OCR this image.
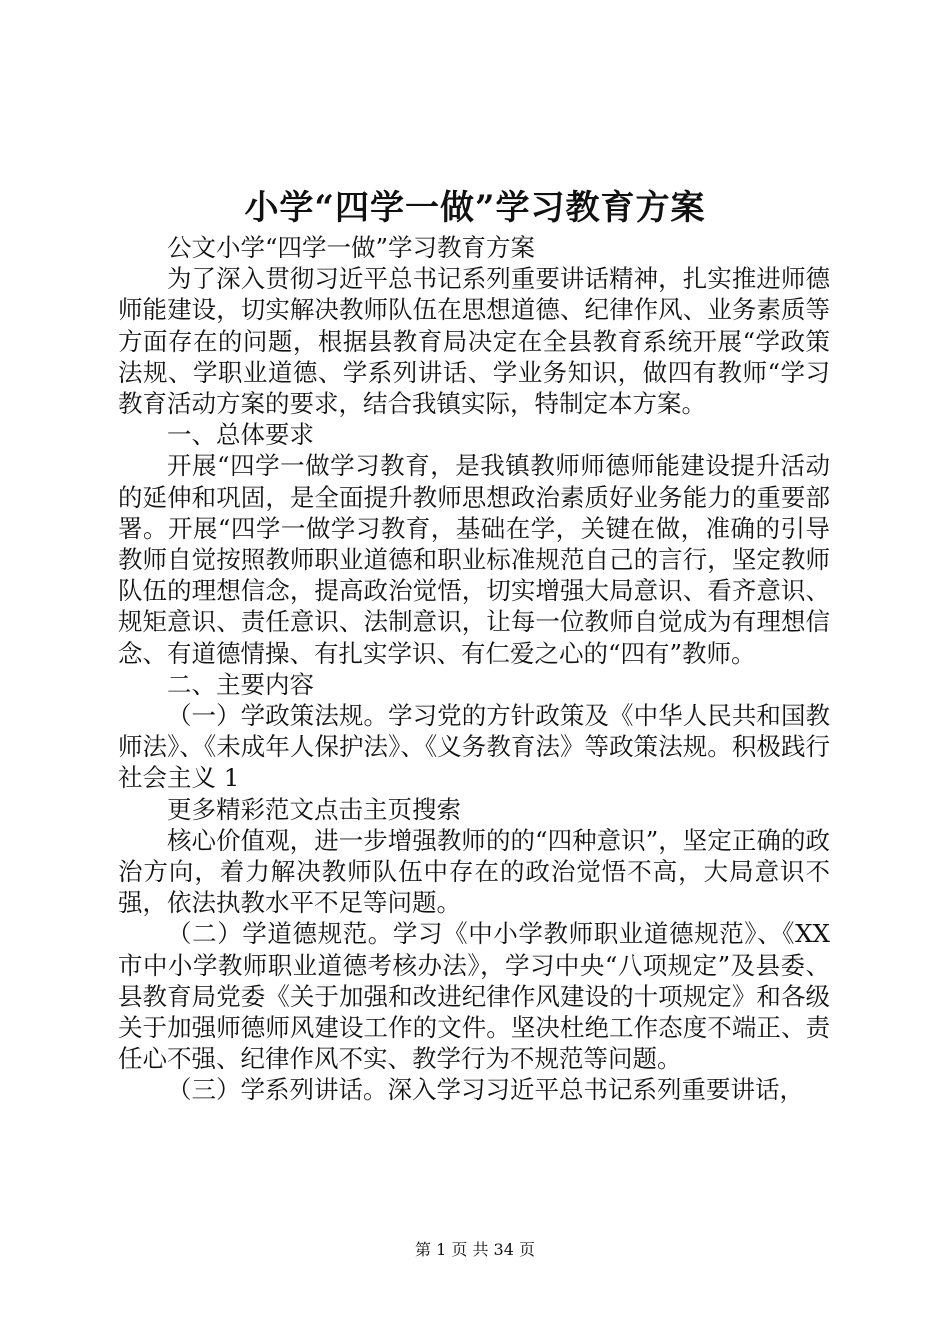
小学“四学一做”学习教育方案

公文小学“四学一做”学习教育方案

为了深入贯彻习近平总书记系列重要讲话精神，扎实推进师德师能建设，切实解决教师队伍在思想道德、纪律作风、业务素质等方面存在的问题，根据县教育局决定在全县教育系统开展“学政策法规、学职业道德、学系列讲话、学业务知识，做四有教师“学习教育活动方案的要求，结合我镇实际，特制定本方案。

一、总体要求

开展“四学一做学习教育，是我镇教师师德师能建设提升活动的延伸和巩固，是全面提升教师思想政治素质好业务能力的重要部署。开展“四学一做学习教育，基础在学，关键在做，准确的引导教师自觉按照教师职业道德和职业标准规范自己的言行，坚定教师队伍的理想信念，提高政治觉悟，切实增强大局意识、看齐意识、规矩意识、责任意识、法制意识，让每一位教师自觉成为有理想信念、有道德情操、有扎实学识、有仁爱之心的“四有”教师。

二、主要内容

（一）学政策法规。学习党的方针政策及《中华人民共和国教师法》、《未成年人保护法》、《义务教育法》等政策法规。积极践行社会主义 1

更多精彩范文点击主页搜索

核心价值观，进一步增强教师的的“四种意识”，坚定正确的政治方向，着力解决教师队伍中存在的政治觉悟不高，大局意识不强，依法执教水平不足等问题。

（二）学道德规范。学习《中小学教师职业道德规范》、《XX 市中小学教师职业道德考核办法》，学习中央“八项规定”及县委、县教育局党委《关于加强和改进纪律作风建设的十项规定》和各级关于加强师德师风建设工作的文件。坚决杜绝工作态度不端正、责任心不强、纪律作风不实、教学行为不规范等问题。

（三）学系列讲话。深入学习习近平总书记系列重要讲话，

第 1 页 共 34 页
